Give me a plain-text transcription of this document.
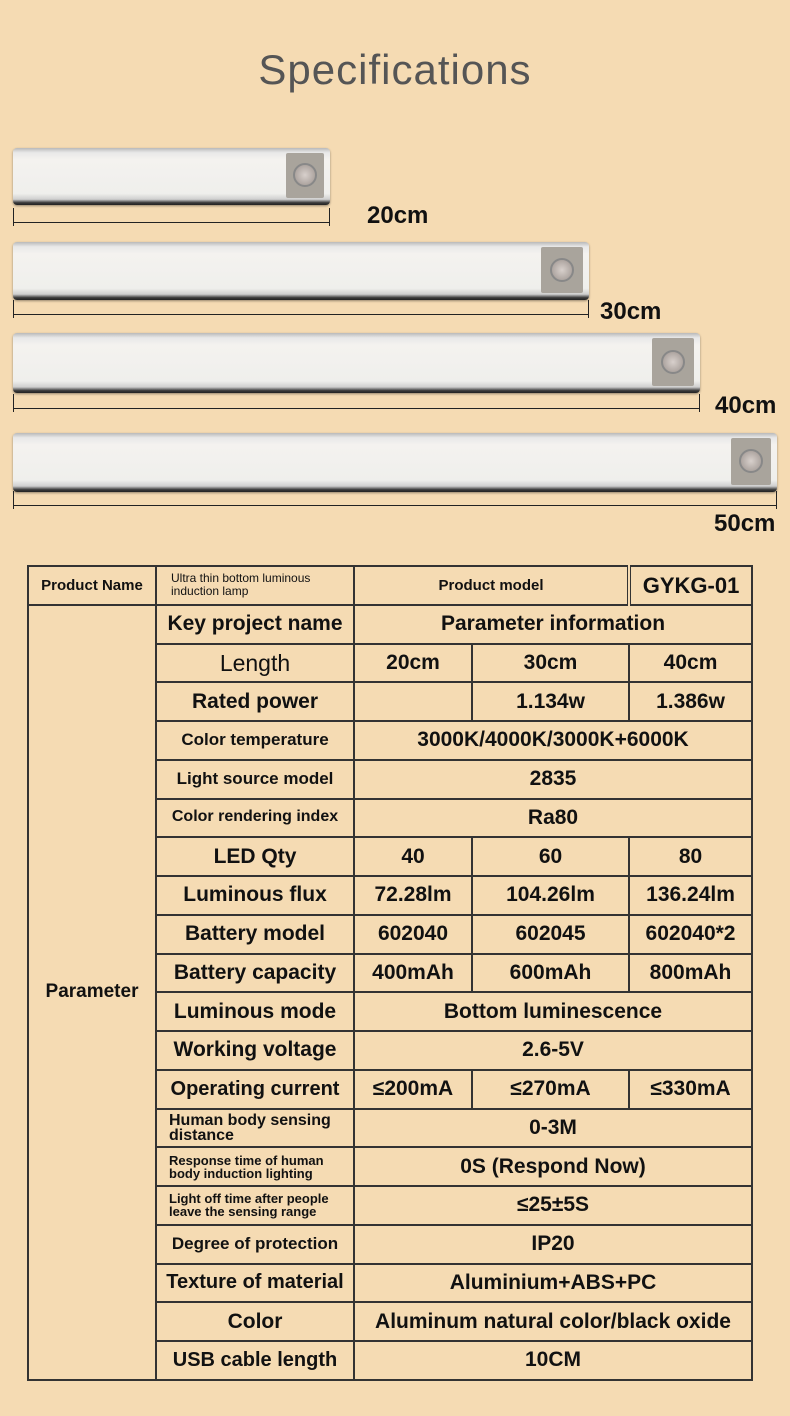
Specifications
20cm
30cm
40cm
50cm
Product Name	Ultra thin bottom luminous induction lamp	Product model		GYKG-01
Parameter	Key project name	Parameter information		
	Length	20cm	30cm	40cm
	Rated power		1.134w	1.386w
	Color temperature	3000K/4000K/3000K+6000K		
	Light source model	2835		
	Color rendering index	Ra80		
	LED Qty	40	60	80
	Luminous flux	72.28lm	104.26lm	136.24lm
	Battery model	602040	602045	602040*2
	Battery capacity	400mAh	600mAh	800mAh
	Luminous mode	Bottom luminescence		
	Working voltage	2.6-5V		
	Operating current	≤200mA	≤270mA	≤330mA
	Human body sensing distance	0-3M		
	Response time of human body induction lighting	0S (Respond Now)		
	Light off time after people leave the sensing range	≤25±5S		
	Degree of protection	IP20		
	Texture of material	Aluminium+ABS+PC		
	Color	Aluminum natural color/black oxide		
	USB cable length	10CM		
